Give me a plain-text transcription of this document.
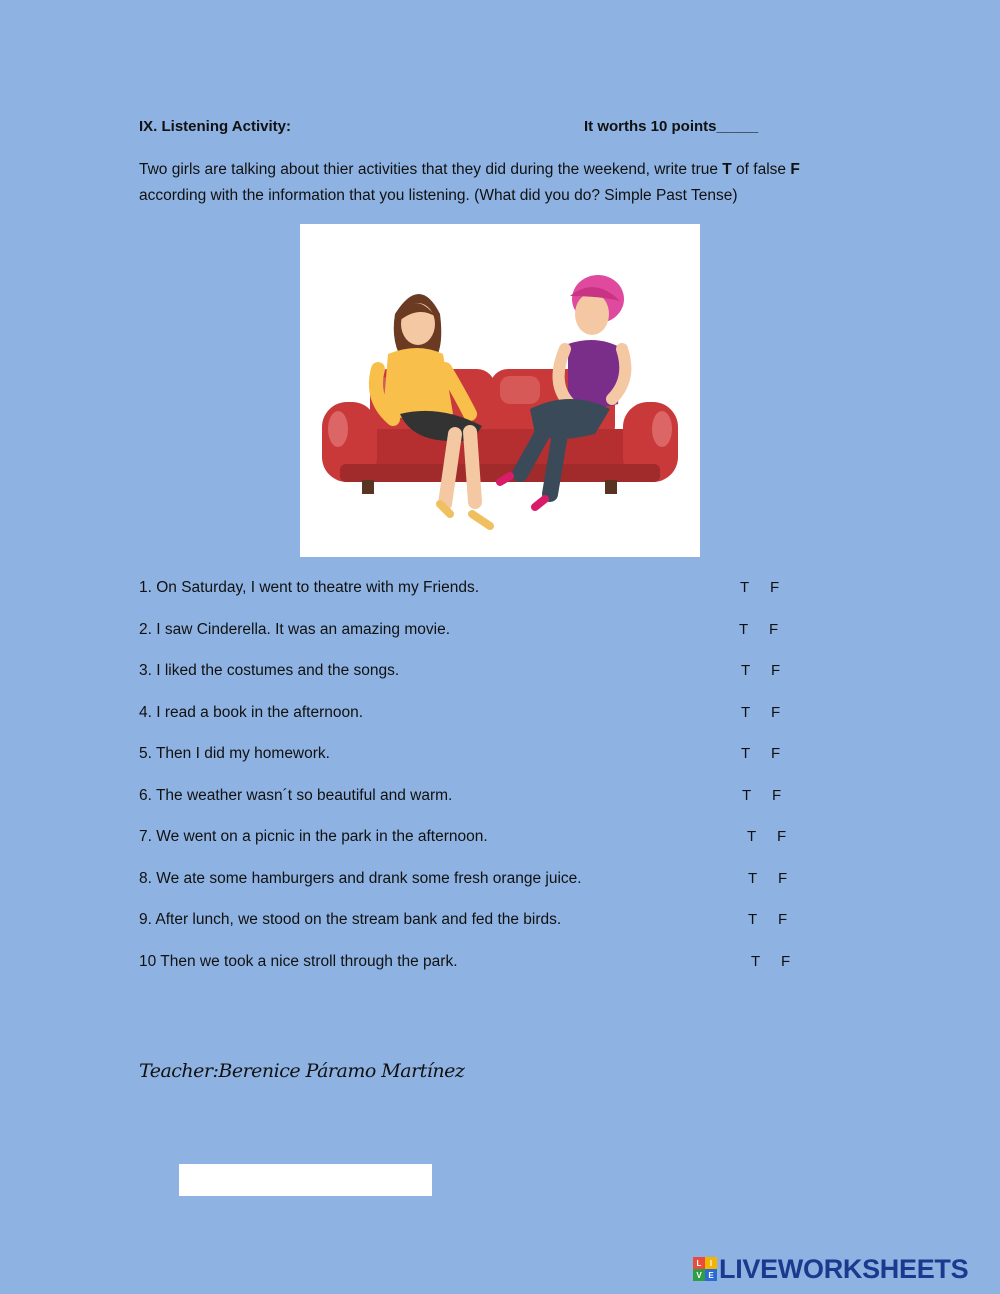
IX. Listening Activity:	It worths 10 points_____
Two girls are talking about thier activities that they did during the weekend, write true T of false F
according with the information that you listening. (What did you do? Simple Past Tense)
1. On Saturday, I went to theatre with my Friends.	T F
2. I saw Cinderella. It was an amazing movie.	T F
3. I liked the costumes and the songs.	T F
4. I read a book in the afternoon.	T F
5. Then I did my homework.	T F
6. The weather wasn´t so beautiful and warm.	T F
7. We went on a picnic in the park in the afternoon.	T F
8. We ate some hamburgers and drank some fresh orange juice.	T F
9. After lunch, we stood on the stream bank and fed the birds.	T F
10 Then we took a nice stroll through the park.	T F
Teacher:Berenice Páramo Martínez
L	I
V E LIVEWORKSHEETS
